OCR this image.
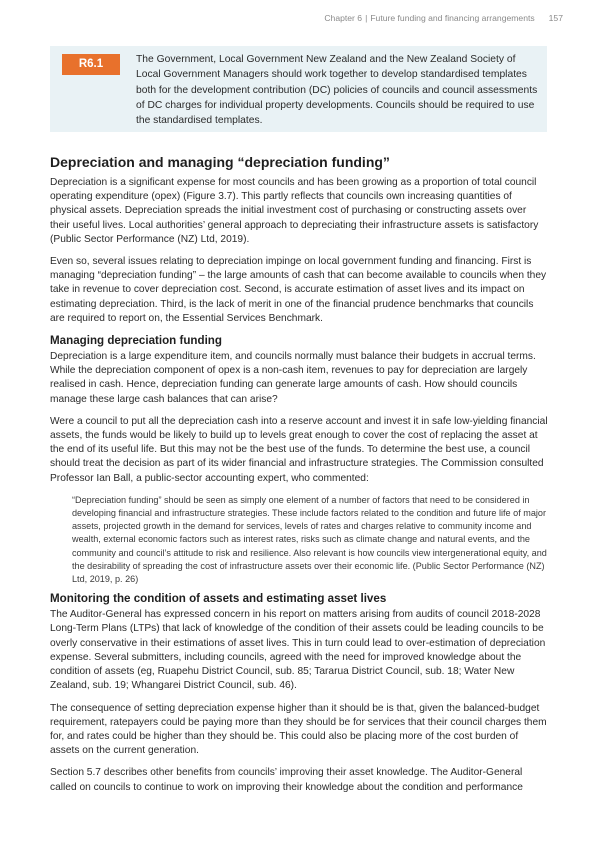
Chapter 6 | Future funding and financing arrangements 157
R6.1	The Government, Local Government New Zealand and the New Zealand Society of Local Government Managers should work together to develop standardised templates both for the development contribution (DC) policies of councils and council assessments of DC charges for individual property developments. Councils should be required to use the standardised templates.
Depreciation and managing “depreciation funding”

Depreciation is a significant expense for most councils and has been growing as a proportion of total council operating expenditure (opex) (Figure 3.7). This partly reflects that councils own increasing quantities of physical assets. Depreciation spreads the initial investment cost of purchasing or constructing assets over their useful lives. Local authorities’ general approach to depreciating their infrastructure assets is satisfactory (Public Sector Performance (NZ) Ltd, 2019).

Even so, several issues relating to depreciation impinge on local government funding and financing. First is managing “depreciation funding” – the large amounts of cash that can become available to councils when they take in revenue to cover depreciation cost. Second, is accurate estimation of asset lives and its impact on estimating depreciation. Third, is the lack of merit in one of the financial prudence benchmarks that councils are required to report on, the Essential Services Benchmark.

Managing depreciation funding

Depreciation is a large expenditure item, and councils normally must balance their budgets in accrual terms. While the depreciation component of opex is a non-cash item, revenues to pay for depreciation are largely realised in cash. Hence, depreciation funding can generate large amounts of cash. How should councils manage these large cash balances that can arise?

Were a council to put all the depreciation cash into a reserve account and invest it in safe low-yielding financial assets, the funds would be likely to build up to levels great enough to cover the cost of replacing the asset at the end of its useful life. But this may not be the best use of the funds. To determine the best use, a council should treat the decision as part of its wider financial and infrastructure strategies. The Commission consulted Professor Ian Ball, a public-sector accounting expert, who commented:

“Depreciation funding” should be seen as simply one element of a number of factors that need to be considered in developing financial and infrastructure strategies. These include factors related to the condition and future life of major assets, projected growth in the demand for services, levels of rates and charges relative to community income and wealth, external economic factors such as interest rates, risks such as climate change and natural events, and the community and council’s attitude to risk and resilience. Also relevant is how councils view intergenerational equity, and the desirability of spreading the cost of infrastructure assets over their economic life. (Public Sector Performance (NZ) Ltd, 2019, p. 26)
Monitoring the condition of assets and estimating asset lives

The Auditor-General has expressed concern in his report on matters arising from audits of council 2018-2028 Long-Term Plans (LTPs) that lack of knowledge of the condition of their assets could be leading councils to be overly conservative in their estimations of asset lives. This in turn could lead to over-estimation of depreciation expense. Several submitters, including councils, agreed with the need for improved knowledge about the condition of assets (eg, Ruapehu District Council, sub. 85; Tararua District Council, sub. 18; Water New Zealand, sub. 19; Whangarei District Council, sub. 46).

The consequence of setting depreciation expense higher than it should be is that, given the balanced-budget requirement, ratepayers could be paying more than they should be for services that their council charges them for, and rates could be higher than they should be. This could also be placing more of the cost burden of assets on the current generation.

Section 5.7 describes other benefits from councils’ improving their asset knowledge. The Auditor-General called on councils to continue to work on improving their knowledge about the condition and performance
